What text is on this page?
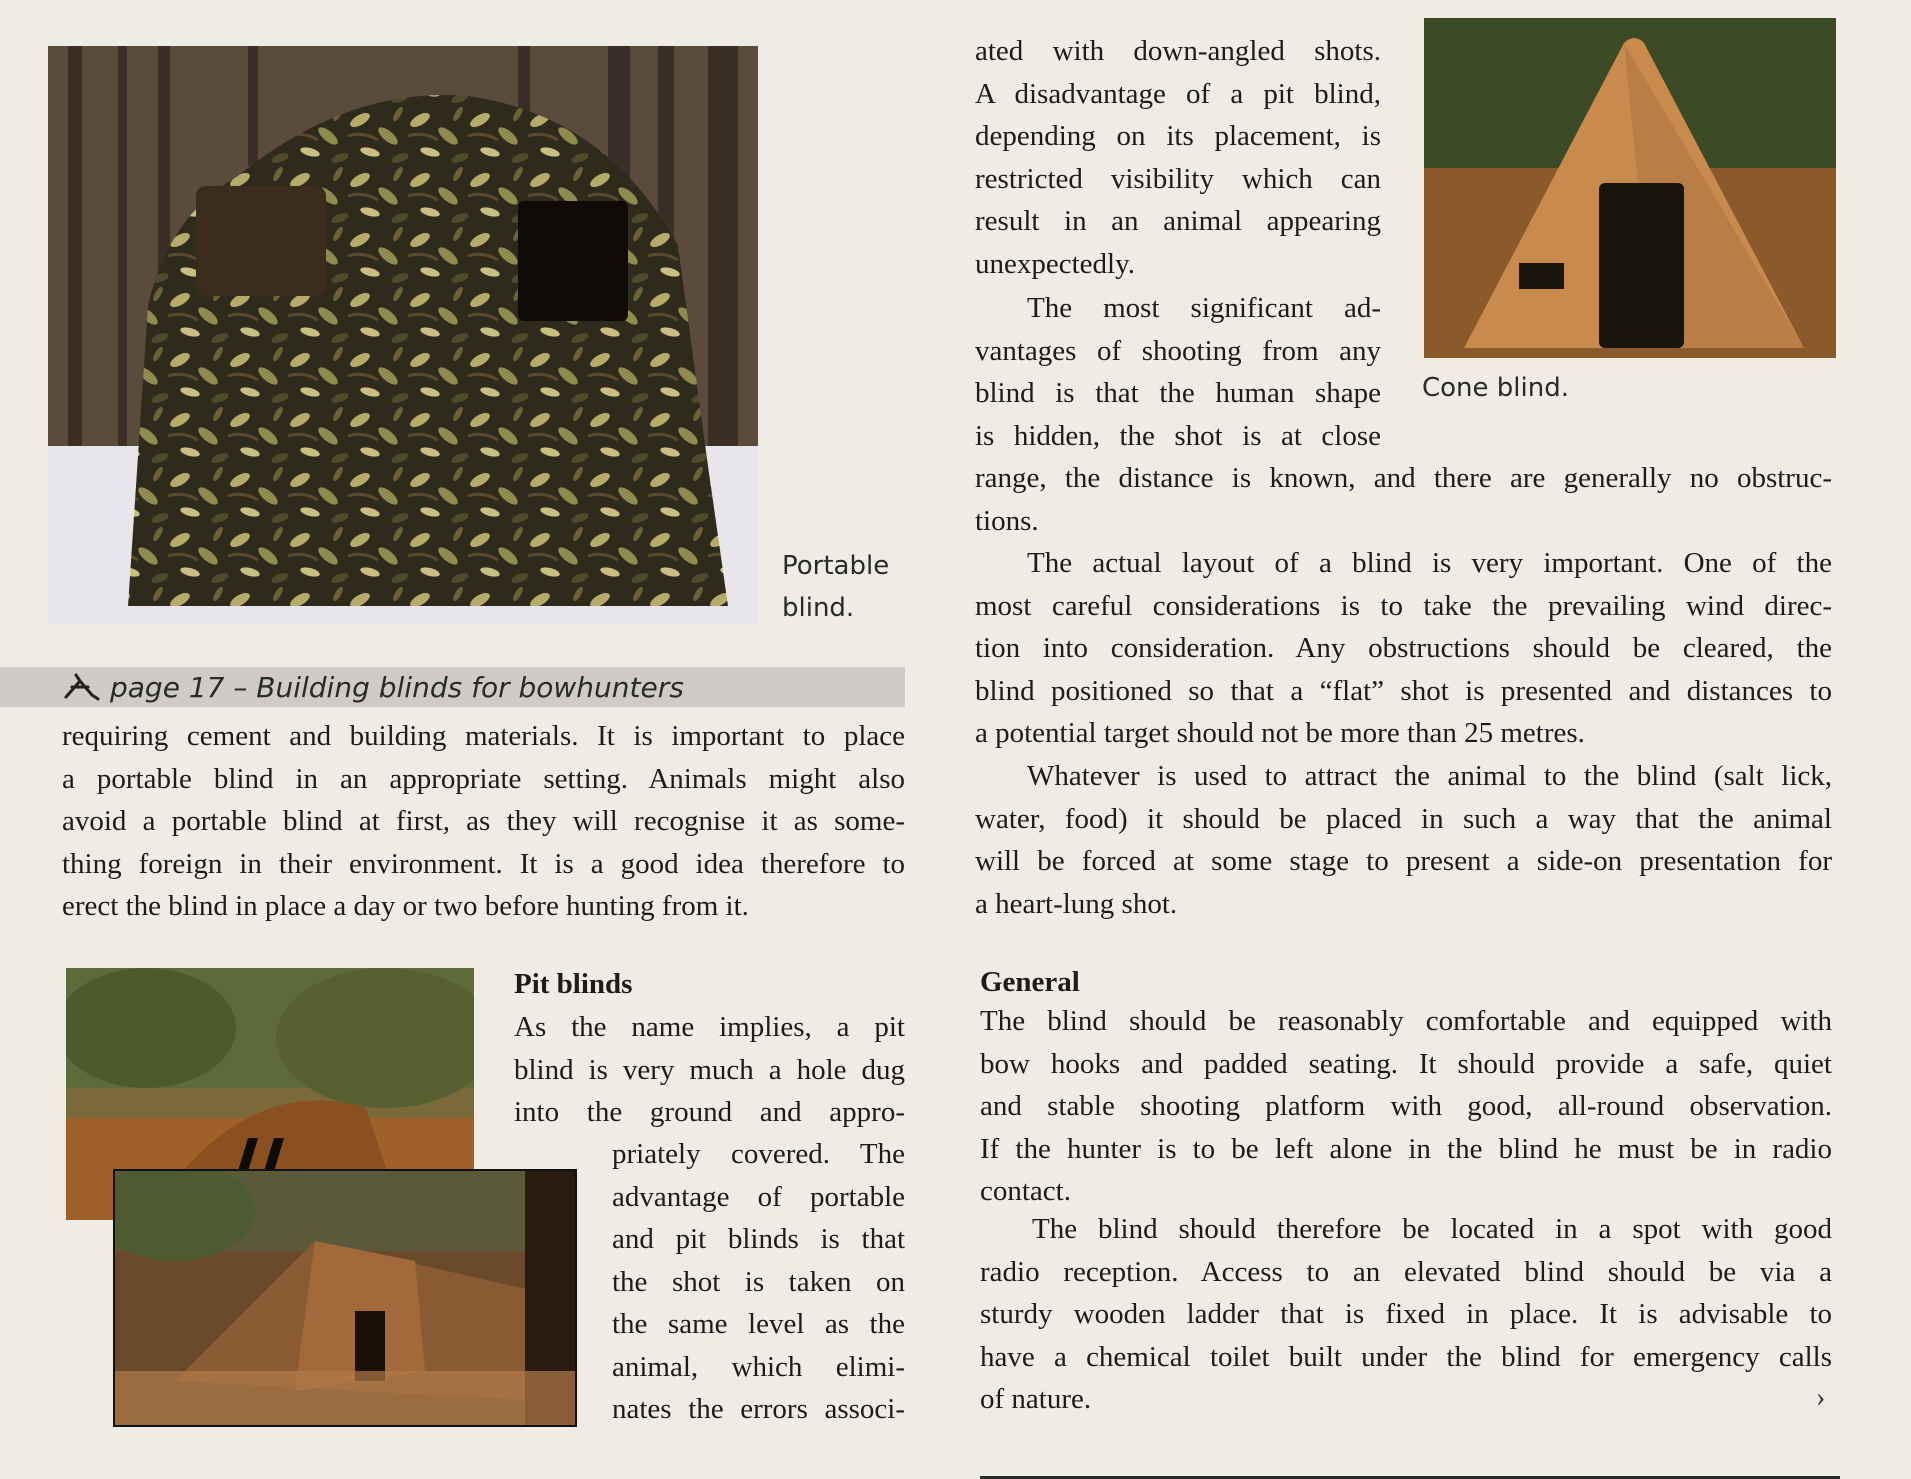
Portable
blind.
Cone blind.
page 17 – Building blinds for bowhunters
requiring cement and building materials. It is important to place
a portable blind in an appropriate setting. Animals might also
avoid a portable blind at first, as they will recognise it as some-
thing foreign in their environment. It is a good idea therefore to
erect the blind in place a day or two before hunting from it.
Pit blinds
As the name implies, a pit
blind is very much a hole dug
into the ground and appro-
priately covered. The
advantage of portable
and pit blinds is that
the shot is taken on
the same level as the
animal, which elimi-
nates the errors associ-
ated with down-angled shots.
A disadvantage of a pit blind,
depending on its placement, is
restricted visibility which can
result in an animal appearing
unexpectedly.
The most significant ad-
vantages of shooting from any
blind is that the human shape
is hidden, the shot is at close
range, the distance is known, and there are generally no obstruc-
tions.
The actual layout of a blind is very important. One of the
most careful considerations is to take the prevailing wind direc-
tion into consideration. Any obstructions should be cleared, the
blind positioned so that a “flat” shot is presented and distances to
a potential target should not be more than 25 metres.
Whatever is used to attract the animal to the blind (salt lick,
water, food) it should be placed in such a way that the animal
will be forced at some stage to present a side-on presentation for
a heart-lung shot.
General
The blind should be reasonably comfortable and equipped with
bow hooks and padded seating. It should provide a safe, quiet
and stable shooting platform with good, all-round observation.
If the hunter is to be left alone in the blind he must be in radio
contact.
The blind should therefore be located in a spot with good
radio reception. Access to an elevated blind should be via a
sturdy wooden ladder that is fixed in place. It is advisable to
have a chemical toilet built under the blind for emergency calls
of nature.	›
